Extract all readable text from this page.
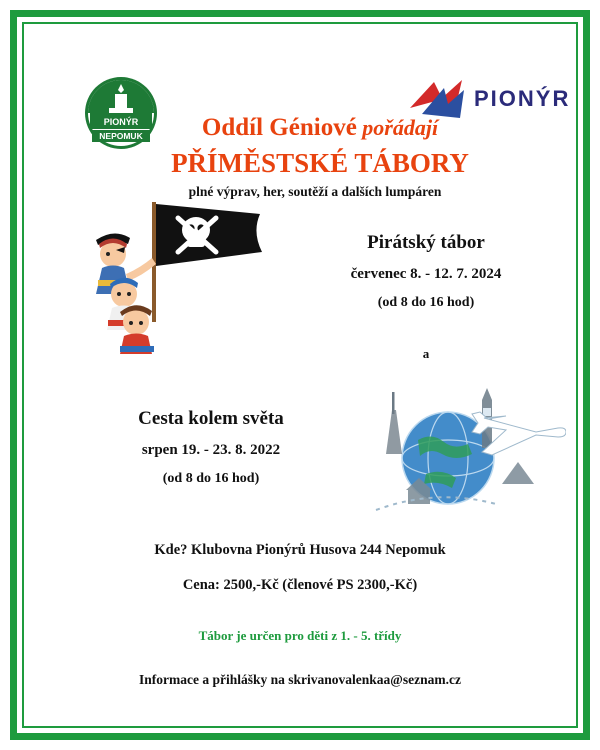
PIONÝR
NEPOMUK
PIONÝR
Oddíl Géniové pořádají
PŘÍMĚSTSKÉ TÁBORY
plné výprav, her, soutěží a dalších lumpáren
Pirátský tábor
červenec 8. - 12. 7. 2024
(od 8 do 16 hod)
a
Cesta kolem světa
srpen 19. - 23. 8. 2022
(od 8 do 16 hod)
Kde? Klubovna Pionýrů Husova 244 Nepomuk
Cena: 2500,-Kč (členové PS 2300,-Kč)
Tábor je určen pro děti z 1. - 5. třídy
Informace a přihlášky na skrivanovalenkaa@seznam.cz
